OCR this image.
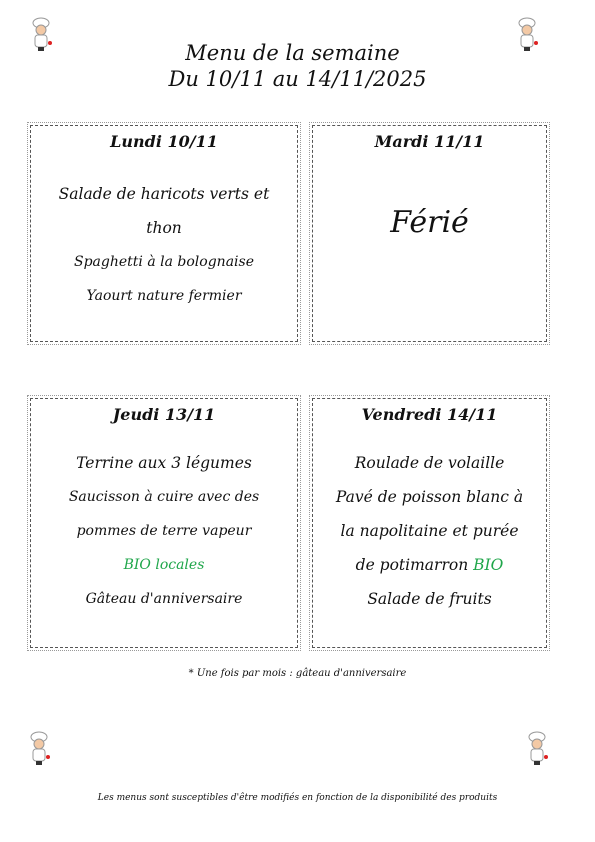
Menu de la semaine
Du 10/11 au 14/11/2025
Lundi 10/11
Salade de haricots verts et
thon
Spaghetti à la bolognaise
Yaourt nature fermier
Mardi 11/11
Férié
Jeudi 13/11
Terrine aux 3 légumes
Saucisson à cuire avec des
pommes de terre vapeur
BIO locales
Gâteau d'anniversaire
Vendredi 14/11
Roulade de volaille
Pavé de poisson blanc à
la napolitaine et purée
de potimarron BIO
Salade de fruits
* Une fois par mois : gâteau d'anniversaire
Les menus sont susceptibles d'être modifiés en fonction de la disponibilité des produits
